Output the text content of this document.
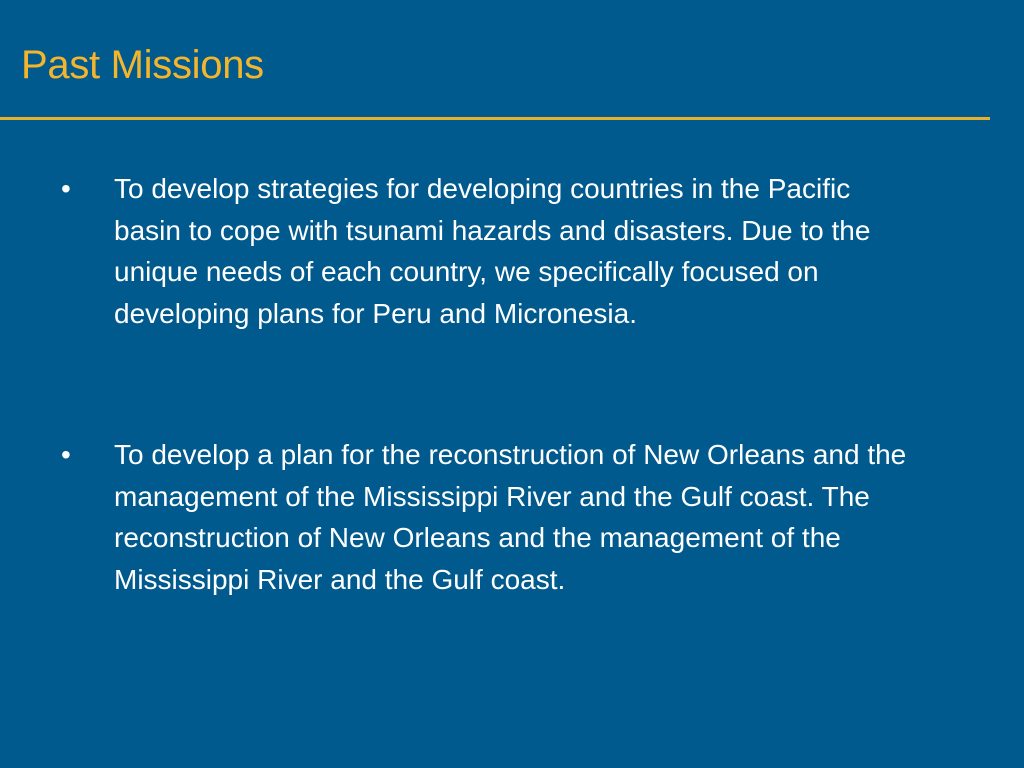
Past Missions
• To develop strategies for developing countries in the Pacific basin to cope with tsunami hazards and disasters. Due to the unique needs of each country, we specifically focused on developing plans for Peru and Micronesia.

• To develop a plan for the reconstruction of New Orleans and the management of the Mississippi River and the Gulf coast. The reconstruction of New Orleans and the management of the Mississippi River and the Gulf coast.
